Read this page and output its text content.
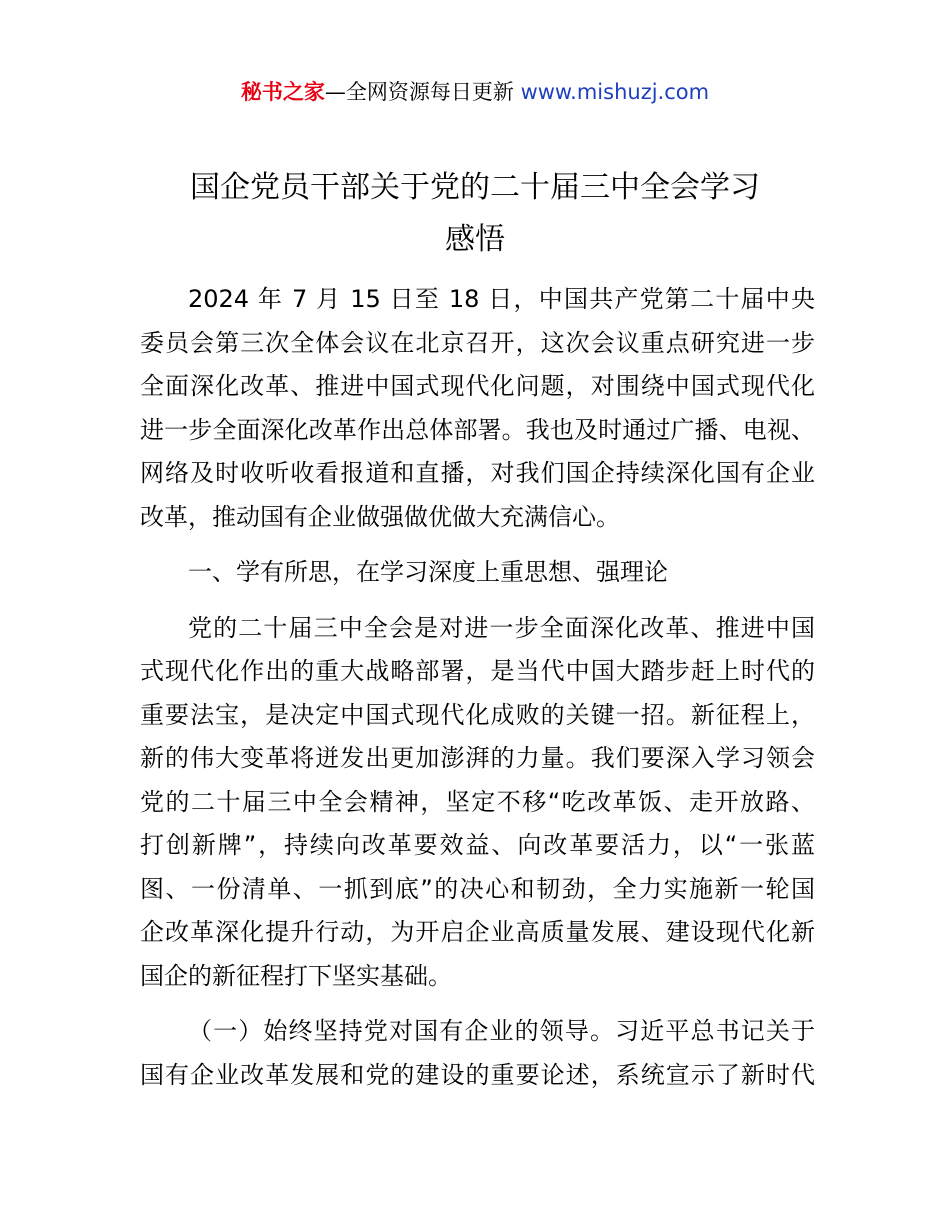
秘书之家—全网资源每日更新 www.mishuzj.com
国企党员干部关于党的二十届三中全会学习
感悟
2024 年 7 月 15 日至 18 日，中国共产党第二十届中央
委员会第三次全体会议在北京召开，这次会议重点研究进一步
全面深化改革、推进中国式现代化问题，对围绕中国式现代化
进一步全面深化改革作出总体部署。我也及时通过广播、电视、
网络及时收听收看报道和直播，对我们国企持续深化国有企业
改革，推动国有企业做强做优做大充满信心。
一、学有所思，在学习深度上重思想、强理论
党的二十届三中全会是对进一步全面深化改革、推进中国
式现代化作出的重大战略部署，是当代中国大踏步赶上时代的
重要法宝，是决定中国式现代化成败的关键一招。新征程上，
新的伟大变革将迸发出更加澎湃的力量。我们要深入学习领会
党的二十届三中全会精神，坚定不移“吃改革饭、走开放路、
打创新牌”，持续向改革要效益、向改革要活力，以“一张蓝
图、一份清单、一抓到底”的决心和韧劲，全力实施新一轮国
企改革深化提升行动，为开启企业高质量发展、建设现代化新
国企的新征程打下坚实基础。
（一）始终坚持党对国有企业的领导。习近平总书记关于
国有企业改革发展和党的建设的重要论述，系统宣示了新时代
